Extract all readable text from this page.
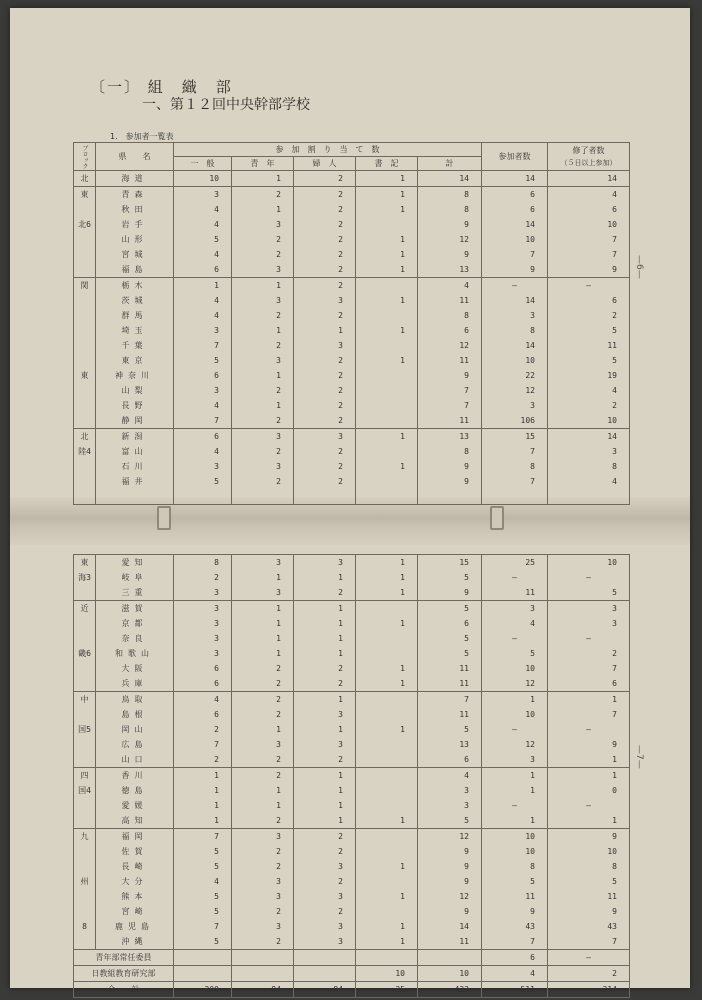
〔一〕 組　織　部
一、第１２回中央幹部学校
1.　参加者一覧表
—6—
—7—
ブロック	県　　名	参　加　割　り　当　て　数					参加者数	修了者数
（５日以上参加）

		一　般	青　年	婦　人	書　記	計		
北	海道	10	1	2	1	14	14	14
東	青森	3	2	2	1	8	6	4
	秋田	4	1	2	1	8	6	6
北6	岩手	4	3	2		9	14	10
	山形	5	2	2	1	12	10	7
	宮城	4	2	2	1	9	7	7
	福島	6	3	2	1	13	9	9
関	栃木	1	1	2		4	—	—
	茨城	4	3	3	1	11	14	6
	群馬	4	2	2		8	3	2
	埼玉	3	1	1	1	6	8	5
	千葉	7	2	3		12	14	11
	東京	5	3	2	1	11	10	5
東	神奈川	6	1	2		9	22	19
	山梨	3	2	2		7	12	4
	長野	4	1	2		7	3	2
	静岡	7	2	2		11	106	10
北	新潟	6	3	3	1	13	15	14
陸4	富山	4	2	2		8	7	3
	石川	3	3	2	1	9	8	8
	福井	5	2	2		9	7	4

東	愛知	8	3	3	1	15	25	10
海3	岐阜	2	1	1	1	5	—	—
	三重	3	3	2	1	9	11	5
近	滋賀	3	1	1		5	3	3
	京都	3	1	1	1	6	4	3
	奈良	3	1	1		5	—	—
畿6	和歌山	3	1	1		5	5	2
	大阪	6	2	2	1	11	10	7
	兵庫	6	2	2	1	11	12	6
中	鳥取	4	2	1		7	1	1
	島根	6	2	3		11	10	7
国5	岡山	2	1	1	1	5	—	—
	広島	7	3	3		13	12	9
	山口	2	2	2		6	3	1
四	香川	1	2	1		4	1	1
国4	徳島	1	1	1		3	1	0
	愛媛	1	1	1		3	—	—
	高知	1	2	1	1	5	1	1
九	福岡	7	3	2		12	10	9
	佐賀	5	2	2		9	10	10
	長崎	5	2	3	1	9	8	8
州	大分	4	3	2		9	5	5
	熊本	5	3	3	1	12	11	11
	宮崎	5	2	2		9	9	9
8	鹿児島	7	3	3	1	14	43	43
	沖縄	5	2	3	1	11	7	7
青年部常任委員							6	—
日教組教育研究部					10	10	4	2
合　　計		200	94	94	35	423	511	314
